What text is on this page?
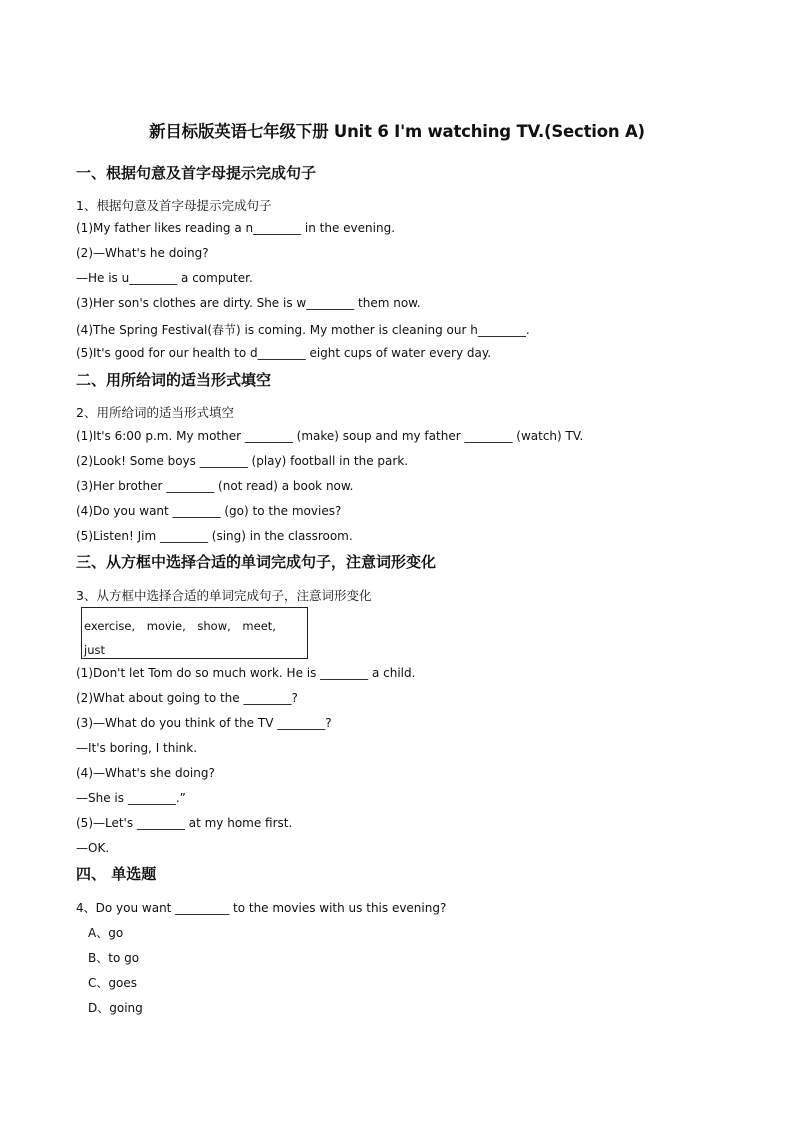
新目标版英语七年级下册 Unit 6 I'm watching TV.(Section A)
一、根据句意及首字母提示完成句子
1、根据句意及首字母提示完成句子
(1)My father likes reading a n________ in the evening.
(2)—What's he doing?
—He is u________ a computer.
(3)Her son's clothes are dirty. She is w________ them now.
(4)The Spring Festival(春节) is coming. My mother is cleaning our h________.
(5)It's good for our health to d________ eight cups of water every day.
二、用所给词的适当形式填空
2、用所给词的适当形式填空
(1)It's 6:00 p.m. My mother ________ (make) soup and my father ________ (watch) TV.
(2)Look! Some boys ________ (play) football in the park.
(3)Her brother ________ (not read) a book now.
(4)Do you want ________ (go) to the movies?
(5)Listen! Jim ________ (sing) in the classroom.
三、从方框中选择合适的单词完成句子，注意词形变化
3、从方框中选择合适的单词完成句子，注意词形变化
exercise, movie, show, meet, just
(1)Don't let Tom do so much work. He is ________ a child.
(2)What about going to the ________?
(3)—What do you think of the TV ________?
—It's boring, I think.
(4)—What's she doing?
—She is ________.”
(5)—Let's ________ at my home first.
—OK.
四、 单选题
4、Do you want _________ to the movies with us this evening?
A、go
B、to go
C、goes
D、going
